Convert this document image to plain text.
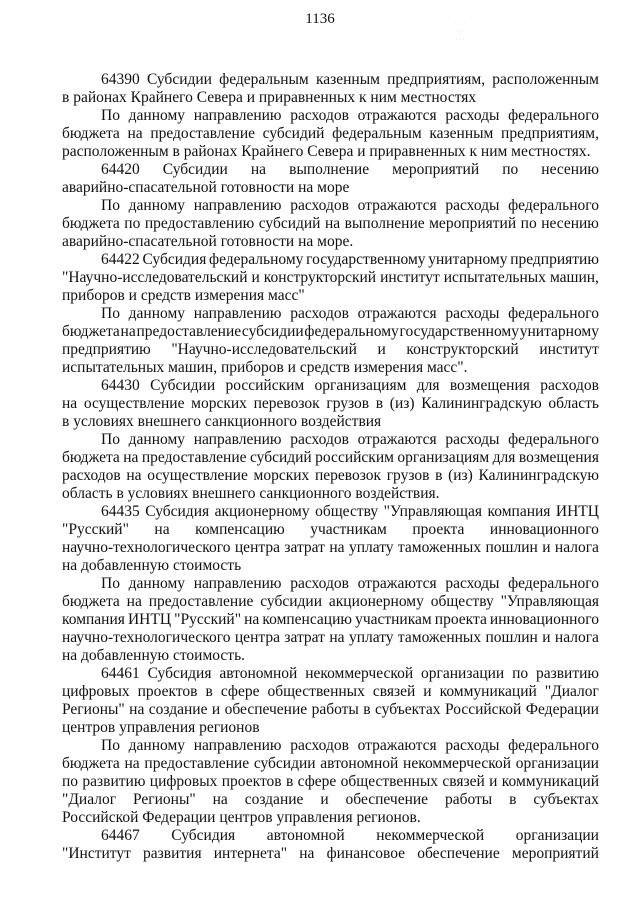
1136	· ·  ·
·  ·
· · ·
64390 Субсидии федеральным казенным предприятиям, расположенным
в районах Крайнего Севера и приравненных к ним местностях
По данному направлению расходов отражаются расходы федерального
бюджета на предоставление субсидий федеральным казенным предприятиям,
расположенным в районах Крайнего Севера и приравненных к ним местностях.
64420 Субсидии на выполнение мероприятий по несению
аварийно-спасательной готовности на море
По данному направлению расходов отражаются расходы федерального
бюджета по предоставлению субсидий на выполнение мероприятий по несению
аварийно-спасательной готовности на море.
64422 Субсидия федеральному государственному унитарному предприятию
"Научно-исследовательский и конструкторский институт испытательных машин,
приборов и средств измерения масс"
По данному направлению расходов отражаются расходы федерального
бюджета на предоставление субсидии федеральному государственному унитарному
предприятию "Научно-исследовательский и конструкторский институт
испытательных машин, приборов и средств измерения масс".
64430 Субсидии российским организациям для возмещения расходов
на осуществление морских перевозок грузов в (из) Калининградскую область
в условиях внешнего санкционного воздействия
По данному направлению расходов отражаются расходы федерального
бюджета на предоставление субсидий российским организациям для возмещения
расходов на осуществление морских перевозок грузов в (из) Калининградскую
область в условиях внешнего санкционного воздействия.
64435 Субсидия акционерному обществу "Управляющая компания ИНТЦ
"Русский" на компенсацию участникам проекта инновационного
научно-технологического центра затрат на уплату таможенных пошлин и налога
на добавленную стоимость
По данному направлению расходов отражаются расходы федерального
бюджета на предоставление субсидии акционерному обществу "Управляющая
компания ИНТЦ "Русский" на компенсацию участникам проекта инновационного
научно-технологического центра затрат на уплату таможенных пошлин и налога
на добавленную стоимость.
64461 Субсидия автономной некоммерческой организации по развитию
цифровых проектов в сфере общественных связей и коммуникаций "Диалог
Регионы" на создание и обеспечение работы в субъектах Российской Федерации
центров управления регионов
По данному направлению расходов отражаются расходы федерального
бюджета на предоставление субсидии автономной некоммерческой организации
по развитию цифровых проектов в сфере общественных связей и коммуникаций
"Диалог Регионы" на создание и обеспечение работы в субъектах
Российской Федерации центров управления регионов.
64467 Субсидия автономной некоммерческой организации
"Институт развития интернета" на финансовое обеспечение мероприятий
